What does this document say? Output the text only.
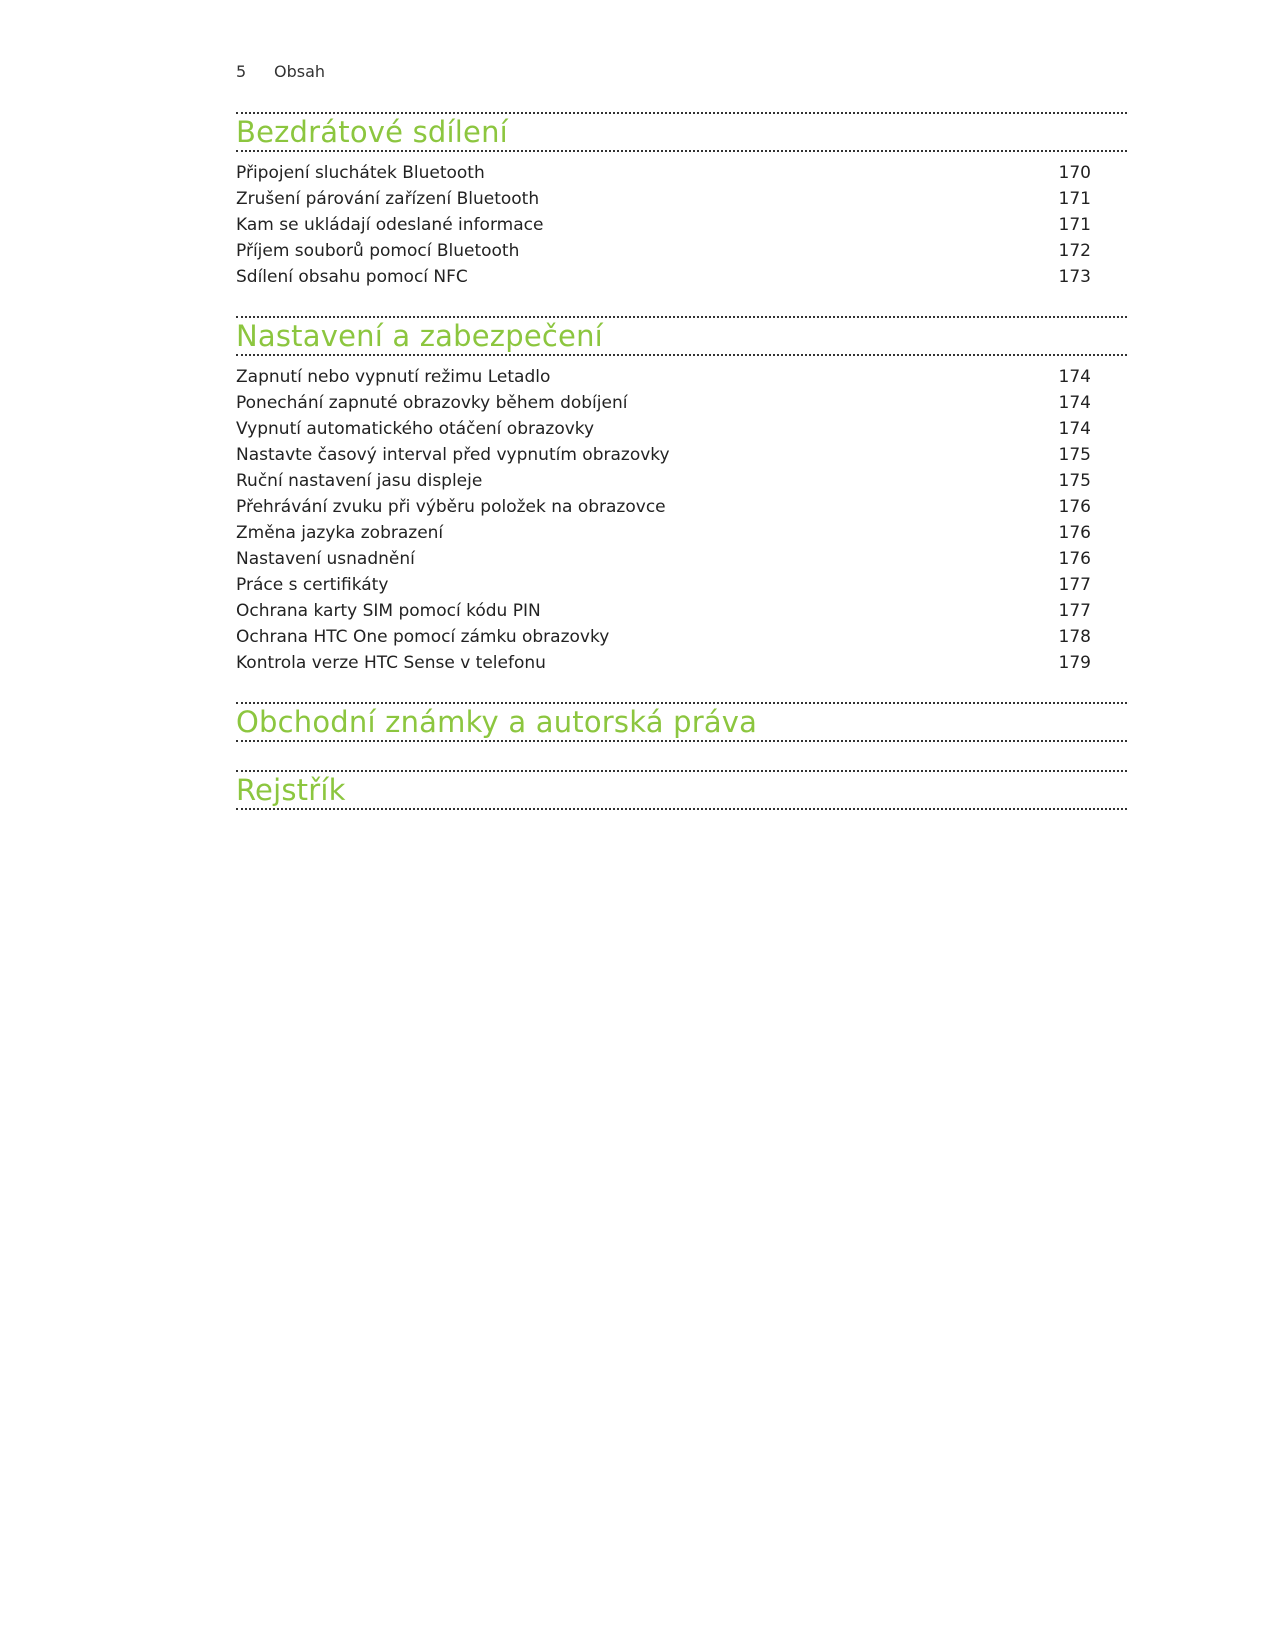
5	Obsah
Bezdrátové sdílení
Připojení sluchátek Bluetooth	170
Zrušení párování zařízení Bluetooth	171
Kam se ukládají odeslané informace	171
Příjem souborů pomocí Bluetooth	172
Sdílení obsahu pomocí NFC	173
Nastavení a zabezpečení
Zapnutí nebo vypnutí režimu Letadlo	174
Ponechání zapnuté obrazovky během dobíjení	174
Vypnutí automatického otáčení obrazovky	174
Nastavte časový interval před vypnutím obrazovky	175
Ruční nastavení jasu displeje	175
Přehrávání zvuku při výběru položek na obrazovce	176
Změna jazyka zobrazení	176
Nastavení usnadnění	176
Práce s certifikáty	177
Ochrana karty SIM pomocí kódu PIN	177
Ochrana HTC One pomocí zámku obrazovky	178
Kontrola verze HTC Sense v telefonu	179
Obchodní známky a autorská práva
Rejstřík
